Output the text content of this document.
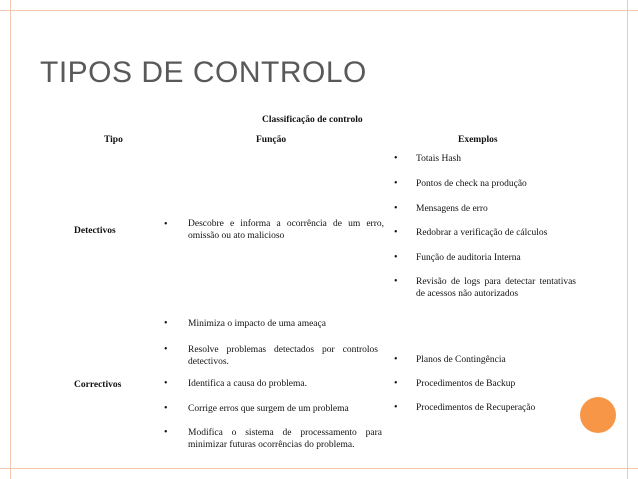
TIPOS DE CONTROLO
Classificação de controlo
Tipo	Função	Exemplos
Detectivos
• Descobre e informa a ocorrência de um erro, omissão ou ato malicioso
• Totais Hash
• Pontos de check na produção
• Mensagens de erro
• Redobrar a verificação de cálculos
• Função de auditoria Interna
• Revisão de logs para detectar tentativas de acessos não autorizados
Correctivos
• Minimiza o impacto de uma ameaça
• Resolve problemas detectados por controlos detectivos.
• Identifica a causa do problema.
• Corrige erros que surgem de um problema
• Modifica o sistema de processamento para minimizar futuras ocorrências do problema.
• Planos de Contingência
• Procedimentos de Backup
• Procedimentos de Recuperação
